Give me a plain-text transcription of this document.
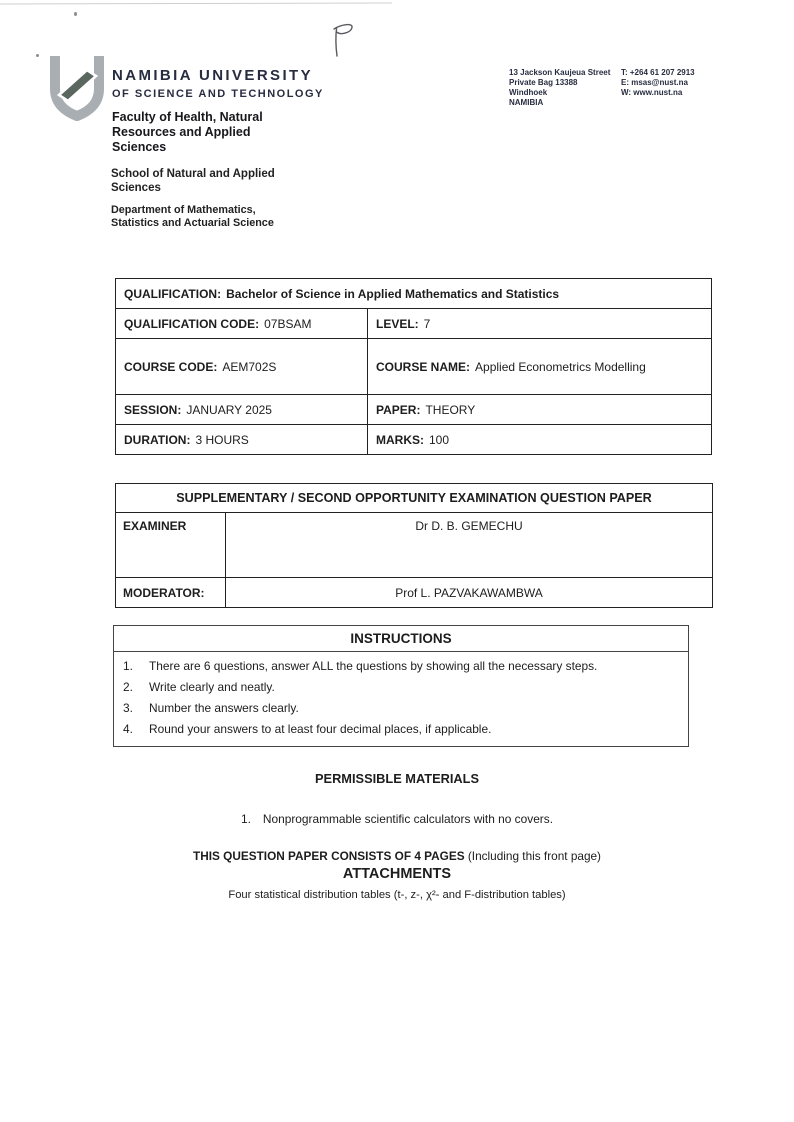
NAMIBIA UNIVERSITY
OF SCIENCE AND TECHNOLOGY
Faculty of Health, Natural Resources and Applied Sciences
School of Natural and Applied Sciences
Department of Mathematics, Statistics and Actuarial Science
13 Jackson Kaujeua Street
Private Bag 13388
Windhoek
NAMIBIA
T: +264 61 207 2913
E: msas@nust.na
W: www.nust.na
QUALIFICATION: Bachelor of Science in Applied Mathematics and Statistics
QUALIFICATION CODE: 07BSAM	LEVEL: 7
COURSE CODE: AEM702S	COURSE NAME: Applied Econometrics Modelling
SESSION: JANUARY 2025	PAPER: THEORY
DURATION: 3 HOURS	MARKS: 100
SUPPLEMENTARY / SECOND OPPORTUNITY EXAMINATION QUESTION PAPER
EXAMINER	Dr D. B. GEMECHU
MODERATOR:	Prof L. PAZVAKAWAMBWA
INSTRUCTIONS
There are 6 questions, answer ALL the questions by showing all the necessary steps.
Write clearly and neatly.
Number the answers clearly.
Round your answers to at least four decimal places, if applicable.
PERMISSIBLE MATERIALS
1. Nonprogrammable scientific calculators with no covers.
THIS QUESTION PAPER CONSISTS OF 4 PAGES (Including this front page)
ATTACHMENTS
Four statistical distribution tables (t-, z-, χ²- and F-distribution tables)
